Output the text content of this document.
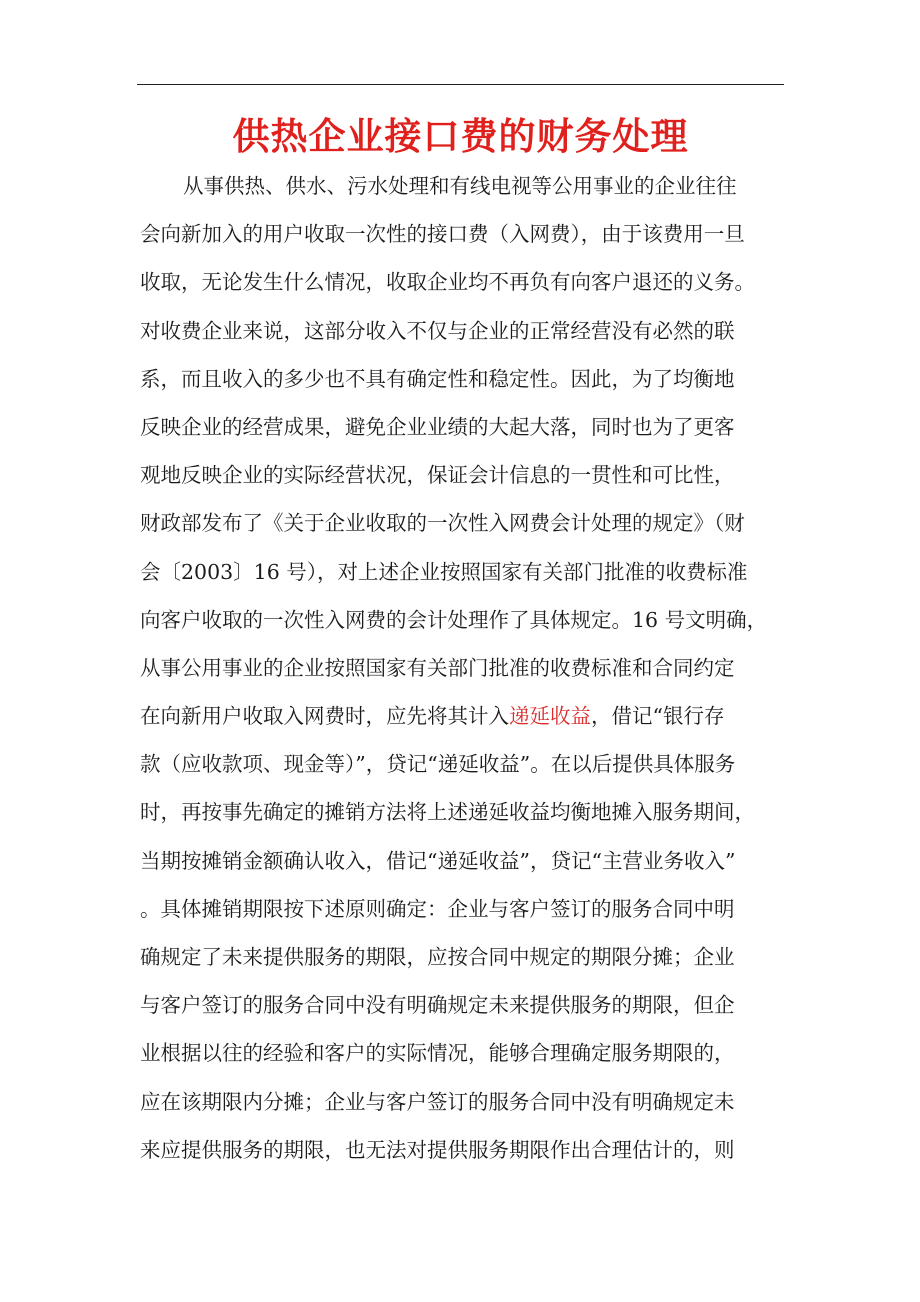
供热企业接口费的财务处理
从事供热、供水、污水处理和有线电视等公用事业的企业往往
会向新加入的用户收取一次性的接口费（入网费），由于该费用一旦
收取，无论发生什么情况，收取企业均不再负有向客户退还的义务。
对收费企业来说，这部分收入不仅与企业的正常经营没有必然的联
系，而且收入的多少也不具有确定性和稳定性。因此，为了均衡地
反映企业的经营成果，避免企业业绩的大起大落，同时也为了更客
观地反映企业的实际经营状况，保证会计信息的一贯性和可比性，
财政部发布了《关于企业收取的一次性入网费会计处理的规定》（财
会〔2003〕16 号），对上述企业按照国家有关部门批准的收费标准
向客户收取的一次性入网费的会计处理作了具体规定。16 号文明确，
从事公用事业的企业按照国家有关部门批准的收费标准和合同约定
在向新用户收取入网费时，应先将其计入递延收益，借记“银行存
款（应收款项、现金等）”，贷记“递延收益”。在以后提供具体服务
时，再按事先确定的摊销方法将上述递延收益均衡地摊入服务期间，
当期按摊销金额确认收入，借记“递延收益”，贷记“主营业务收入”
。具体摊销期限按下述原则确定：企业与客户签订的服务合同中明
确规定了未来提供服务的期限，应按合同中规定的期限分摊；企业
与客户签订的服务合同中没有明确规定未来提供服务的期限，但企
业根据以往的经验和客户的实际情况，能够合理确定服务期限的，
应在该期限内分摊；企业与客户签订的服务合同中没有明确规定未
来应提供服务的期限，也无法对提供服务期限作出合理估计的，则
